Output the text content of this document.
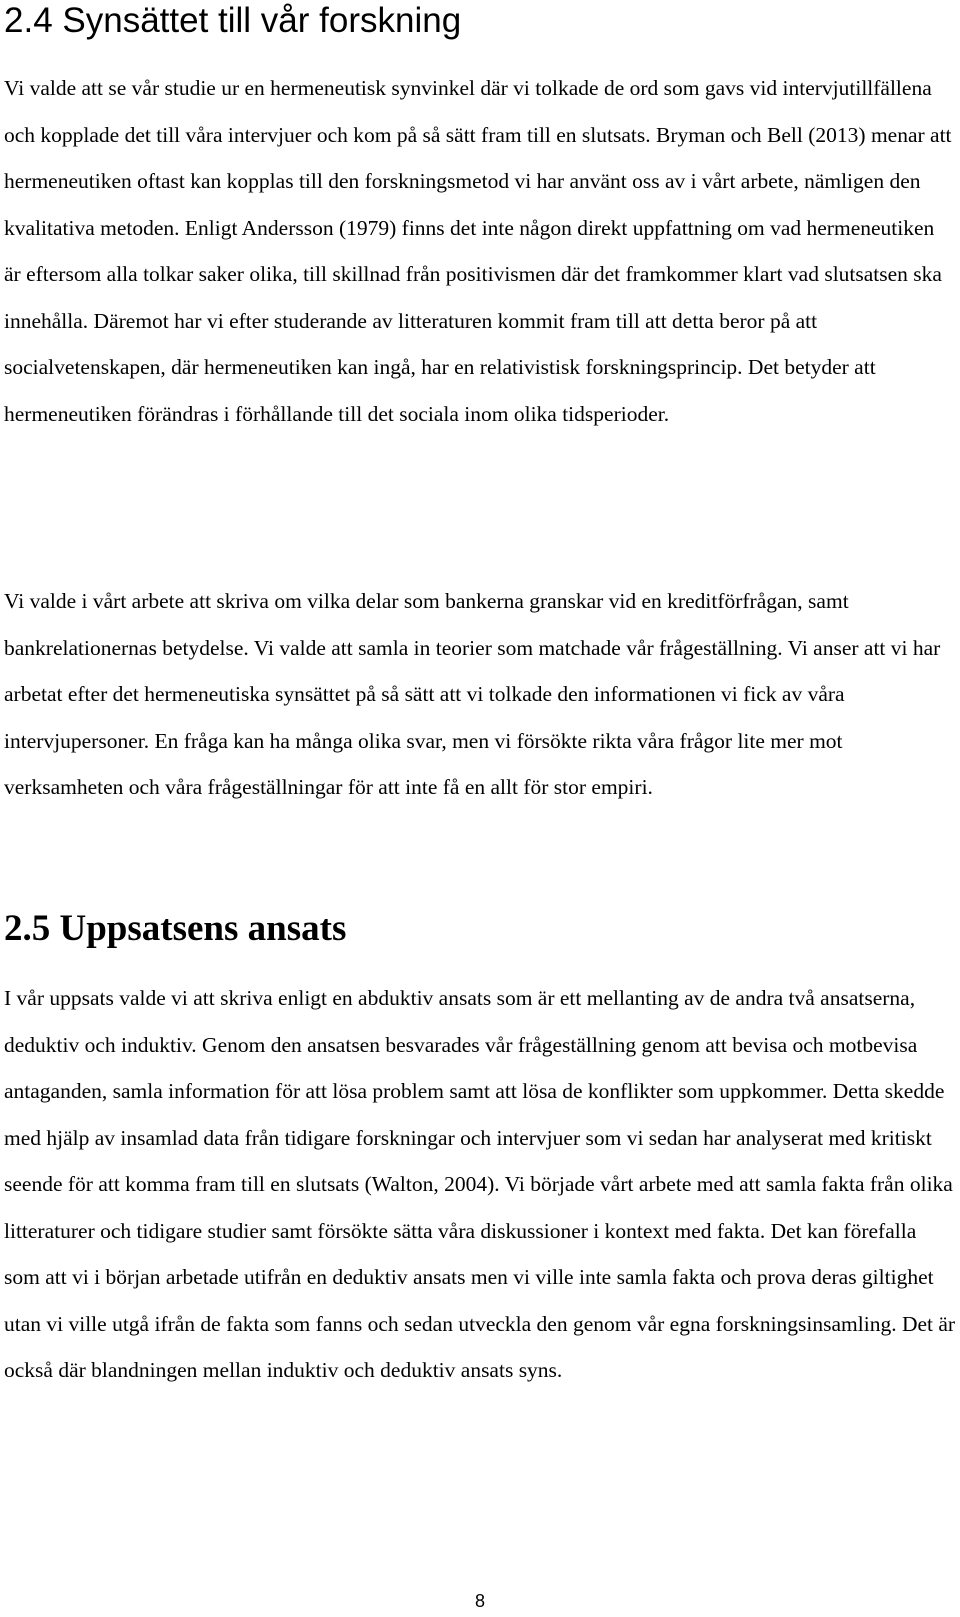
2.4 Synsättet till vår forskning

Vi valde att se vår studie ur en hermeneutisk synvinkel där vi tolkade de ord som gavs vid intervjutillfällena och kopplade det till våra intervjuer och kom på så sätt fram till en slutsats. Bryman och Bell (2013) menar att hermeneutiken oftast kan kopplas till den forskningsmetod vi har använt oss av i vårt arbete, nämligen den kvalitativa metoden. Enligt Andersson (1979) finns det inte någon direkt uppfattning om vad hermeneutiken är eftersom alla tolkar saker olika, till skillnad från positivismen där det framkommer klart vad slutsatsen ska innehålla. Däremot har vi efter studerande av litteraturen kommit fram till att detta beror på att socialvetenskapen, där hermeneutiken kan ingå, har en relativistisk forskningsprincip. Det betyder att hermeneutiken förändras i förhållande till det sociala inom olika tidsperioder.

Vi valde i vårt arbete att skriva om vilka delar som bankerna granskar vid en kreditförfrågan, samt bankrelationernas betydelse. Vi valde att samla in teorier som matchade vår frågeställning. Vi anser att vi har arbetat efter det hermeneutiska synsättet på så sätt att vi tolkade den informationen vi fick av våra intervjupersoner. En fråga kan ha många olika svar, men vi försökte rikta våra frågor lite mer mot verksamheten och våra frågeställningar för att inte få en allt för stor empiri.

2.5 Uppsatsens ansats

I vår uppsats valde vi att skriva enligt en abduktiv ansats som är ett mellanting av de andra två ansatserna, deduktiv och induktiv. Genom den ansatsen besvarades vår frågeställning genom att bevisa och motbevisa antaganden, samla information för att lösa problem samt att lösa de konflikter som uppkommer. Detta skedde med hjälp av insamlad data från tidigare forskningar och intervjuer som vi sedan har analyserat med kritiskt seende för att komma fram till en slutsats (Walton, 2004). Vi började vårt arbete med att samla fakta från olika litteraturer och tidigare studier samt försökte sätta våra diskussioner i kontext med fakta. Det kan förefalla som att vi i början arbetade utifrån en deduktiv ansats men vi ville inte samla fakta och prova deras giltighet utan vi ville utgå ifrån de fakta som fanns och sedan utveckla den genom vår egna forskningsinsamling. Det är också där blandningen mellan induktiv och deduktiv ansats syns.

8
